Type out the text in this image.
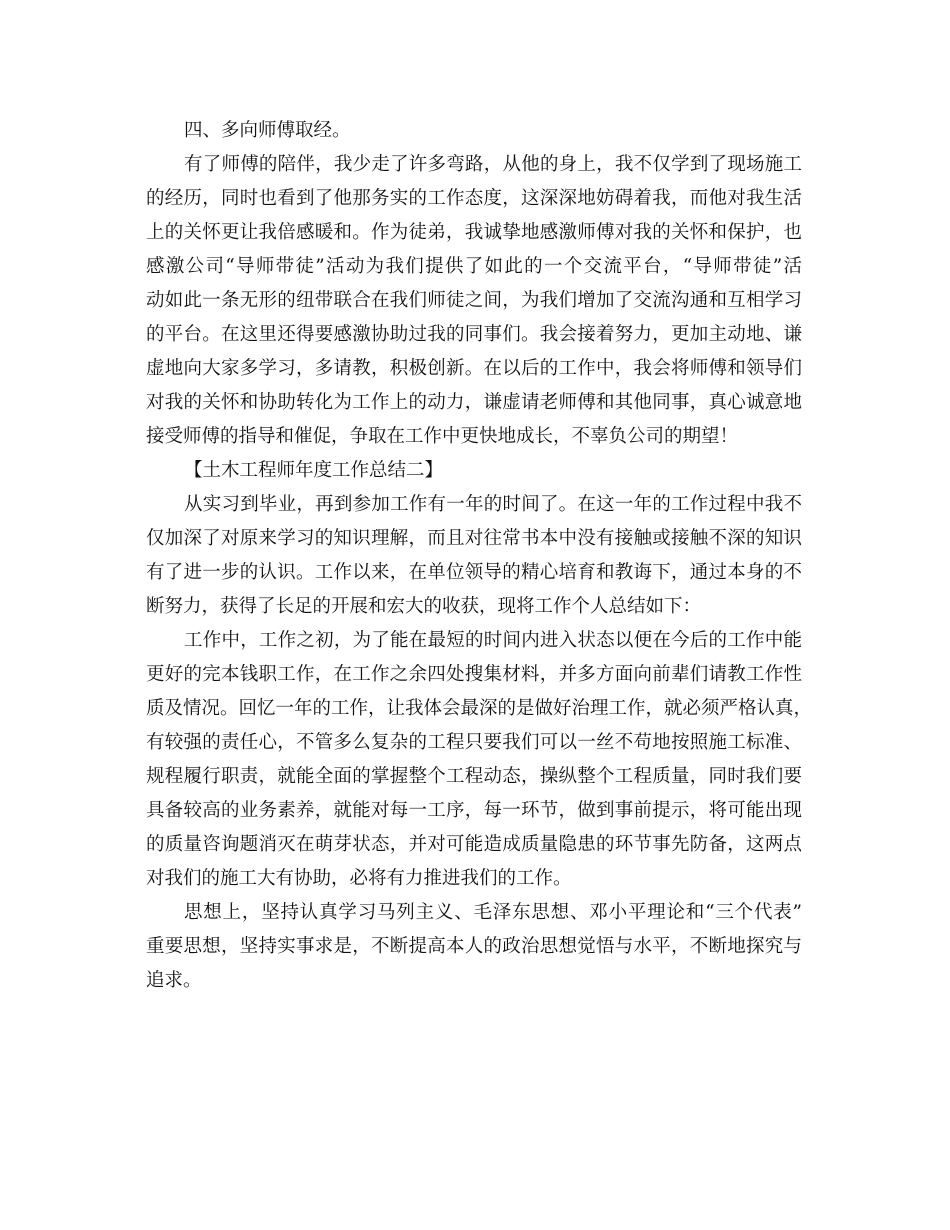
四、多向师傅取经。
有了师傅的陪伴，我少走了许多弯路，从他的身上，我不仅学到了现场施工
的经历，同时也看到了他那务实的工作态度，这深深地妨碍着我，而他对我生活
上的关怀更让我倍感暖和。作为徒弟，我诚挚地感激师傅对我的关怀和保护，也
感激公司“导师带徒”活动为我们提供了如此的一个交流平台，“导师带徒”活
动如此一条无形的纽带联合在我们师徒之间，为我们增加了交流沟通和互相学习
的平台。在这里还得要感激协助过我的同事们。我会接着努力，更加主动地、谦
虚地向大家多学习，多请教，积极创新。在以后的工作中，我会将师傅和领导们
对我的关怀和协助转化为工作上的动力，谦虚请老师傅和其他同事，真心诚意地
接受师傅的指导和催促，争取在工作中更快地成长，不辜负公司的期望！
【土木工程师年度工作总结二】
从实习到毕业，再到参加工作有一年的时间了。在这一年的工作过程中我不
仅加深了对原来学习的知识理解，而且对往常书本中没有接触或接触不深的知识
有了进一步的认识。工作以来，在单位领导的精心培育和教诲下，通过本身的不
断努力，获得了长足的开展和宏大的收获，现将工作个人总结如下：
工作中，工作之初，为了能在最短的时间内进入状态以便在今后的工作中能
更好的完本钱职工作，在工作之余四处搜集材料，并多方面向前辈们请教工作性
质及情况。回忆一年的工作，让我体会最深的是做好治理工作，就必须严格认真，
有较强的责任心，不管多么复杂的工程只要我们可以一丝不苟地按照施工标准、
规程履行职责，就能全面的掌握整个工程动态，操纵整个工程质量，同时我们要
具备较高的业务素养，就能对每一工序，每一环节，做到事前提示，将可能出现
的质量咨询题消灭在萌芽状态，并对可能造成质量隐患的环节事先防备，这两点
对我们的施工大有协助，必将有力推进我们的工作。
思想上，坚持认真学习马列主义、毛泽东思想、邓小平理论和“三个代表”
重要思想，坚持实事求是，不断提高本人的政治思想觉悟与水平，不断地探究与
追求。
